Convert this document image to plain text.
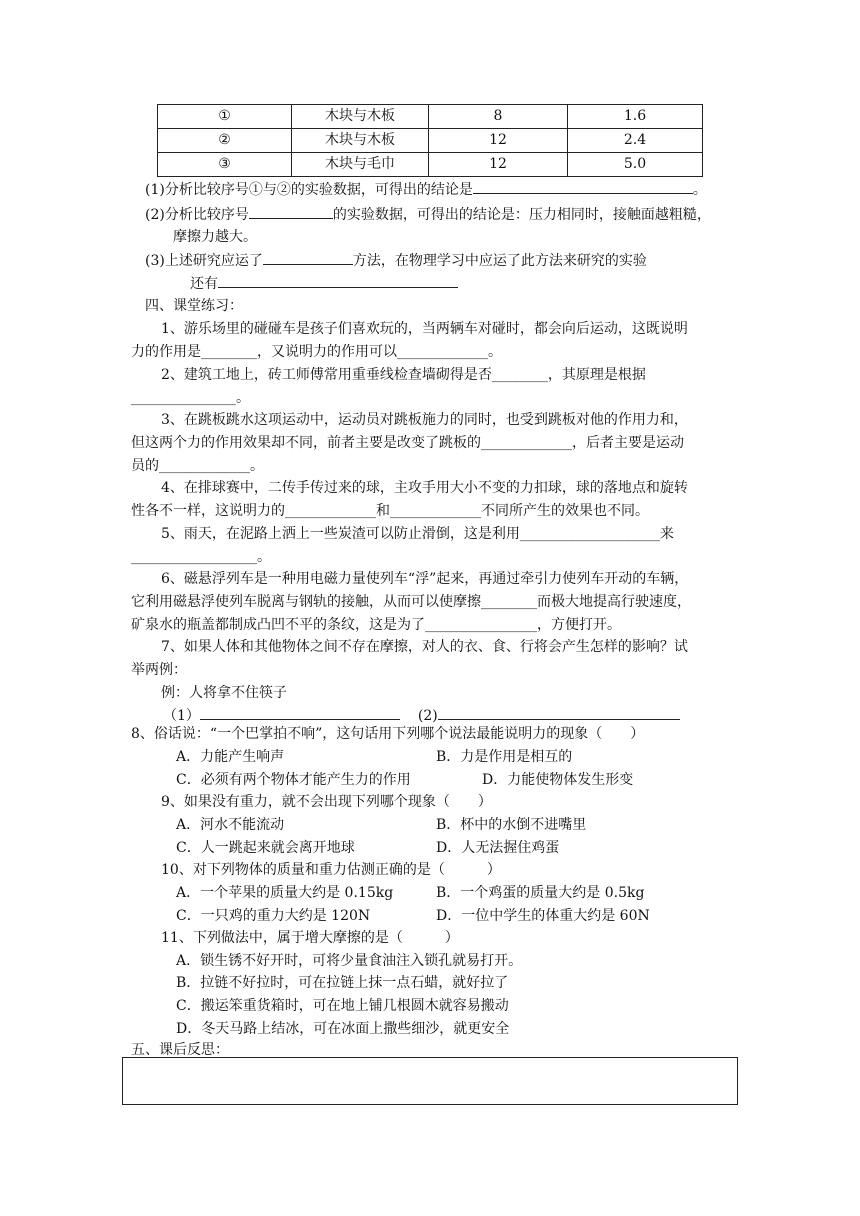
①	木块与木板	8	1.6
②	木块与木板	12	2.4
③	木块与毛巾	12	5.0
(1)分析比较序号①与②的实验数据，可得出的结论是	。
(2)分析比较序号	的实验数据，可得出的结论是：压力相同时，接触面越粗糙，
摩擦力越大。
(3)上述研究应运了	方法，在物理学习中应运了此方法来研究的实验
还有
四、课堂练习：
1、游乐场里的碰碰车是孩子们喜欢玩的，当两辆车对碰时，都会向后运动，这既说明
力的作用是________，又说明力的作用可以_____________。
2、建筑工地上，砖工师傅常用重垂线检查墙砌得是否________，其原理是根据
_______________。
3、在跳板跳水这项运动中，运动员对跳板施力的同时，也受到跳板对他的作用力和，
但这两个力的作用效果却不同，前者主要是改变了跳板的_____________，后者主要是运动
员的_____________。
4、在排球赛中，二传手传过来的球，主攻手用大小不变的力扣球，球的落地点和旋转
性各不一样，这说明力的_____________和_____________不同所产生的效果也不同。
5、雨天，在泥路上洒上一些炭渣可以防止滑倒，这是利用____________________来
__________________。
6、磁悬浮列车是一种用电磁力量使列车“浮”起来，再通过牵引力使列车开动的车辆，
它利用磁悬浮使列车脱离与钢轨的接触，从而可以使摩擦________而极大地提高行驶速度，
矿泉水的瓶盖都制成凸凹不平的条纹，这是为了________________，方便打开。
7、如果人体和其他物体之间不存在摩擦，对人的衣、食、行将会产生怎样的影响？试
举两例：
例：人将拿不住筷子
（1）	(2)
8、俗话说：“一个巴掌拍不响”，这句话用下列哪个说法最能说明力的现象（　　）
A．力能产生响声	B．力是作用是相互的
C．必须有两个物体才能产生力的作用	D．力能使物体发生形变
9、如果没有重力，就不会出现下列哪个现象（　　）
A．河水不能流动	B．杯中的水倒不进嘴里
C．人一跳起来就会离开地球	D．人无法握住鸡蛋
10、对下列物体的质量和重力估测正确的是（　　　）
A．一个苹果的质量大约是 0.15kg	B．一个鸡蛋的质量大约是 0.5kg
C．一只鸡的重力大约是 120N	D．一位中学生的体重大约是 60N
11、下列做法中，属于增大摩擦的是（　　　）
A．锁生锈不好开时，可将少量食油注入锁孔就易打开。
B．拉链不好拉时，可在拉链上抹一点石蜡，就好拉了
C．搬运笨重货箱时，可在地上铺几根圆木就容易搬动
D．冬天马路上结冰，可在冰面上撒些细沙，就更安全
五、课后反思：
